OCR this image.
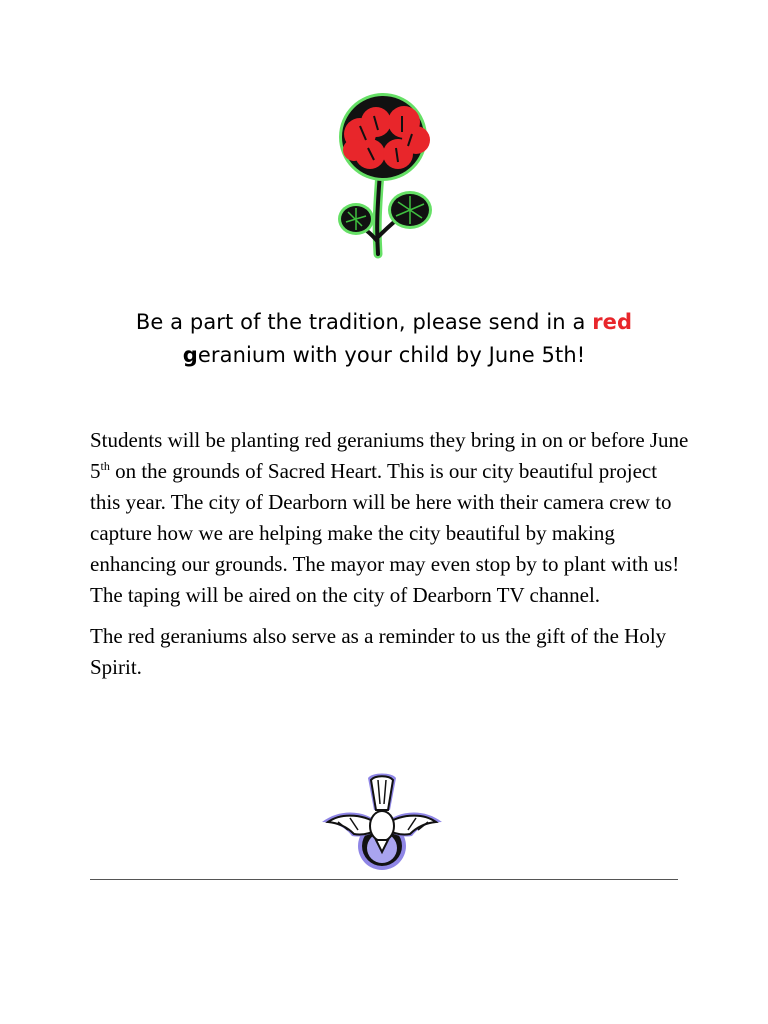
Be a part of the tradition, please send in a red
geranium with your child by June 5th!

Students will be planting red geraniums they bring in on or before June 5th on the grounds of Sacred Heart. This is our city beautiful project this year. The city of Dearborn will be here with their camera crew to capture how we are helping make the city beautiful by making enhancing our grounds. The mayor may even stop by to plant with us! The taping will be aired on the city of Dearborn TV channel.

The red geraniums also serve as a reminder to us the gift of the Holy Spirit.
